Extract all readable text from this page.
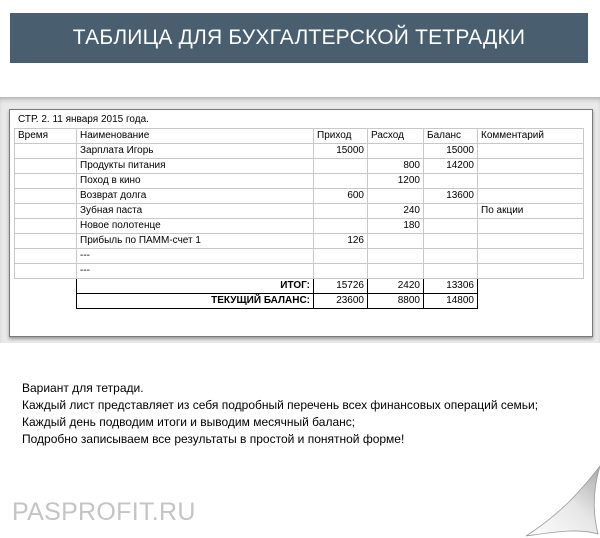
ТАБЛИЦА ДЛЯ БУХГАЛТЕРСКОЙ ТЕТРАДКИ
СТР. 2. 11 января 2015 года.
Время	Наименование	Приход	Расход	Баланс	Комментарий
	Зарплата Игорь	15000		15000	
	Продукты питания		800	14200	
	Поход в кино		1200		
	Возврат долга	600		13600	
	Зубная паста		240		По акции
	Новое полотенце		180		
	Прибыль по ПАММ-счет 1	126			
	---				
	---				
	ИТОГ:	15726	2420	13306	
	ТЕКУЩИЙ БАЛАНС:	23600	8800	14800	
Вариант для тетради.
Каждый лист представляет из себя подробный перечень всех финансовых операций семьи;
Каждый день подводим итоги и выводим месячный баланс;
Подробно записываем все результаты в простой и понятной форме!
PASPROFIT.RU
